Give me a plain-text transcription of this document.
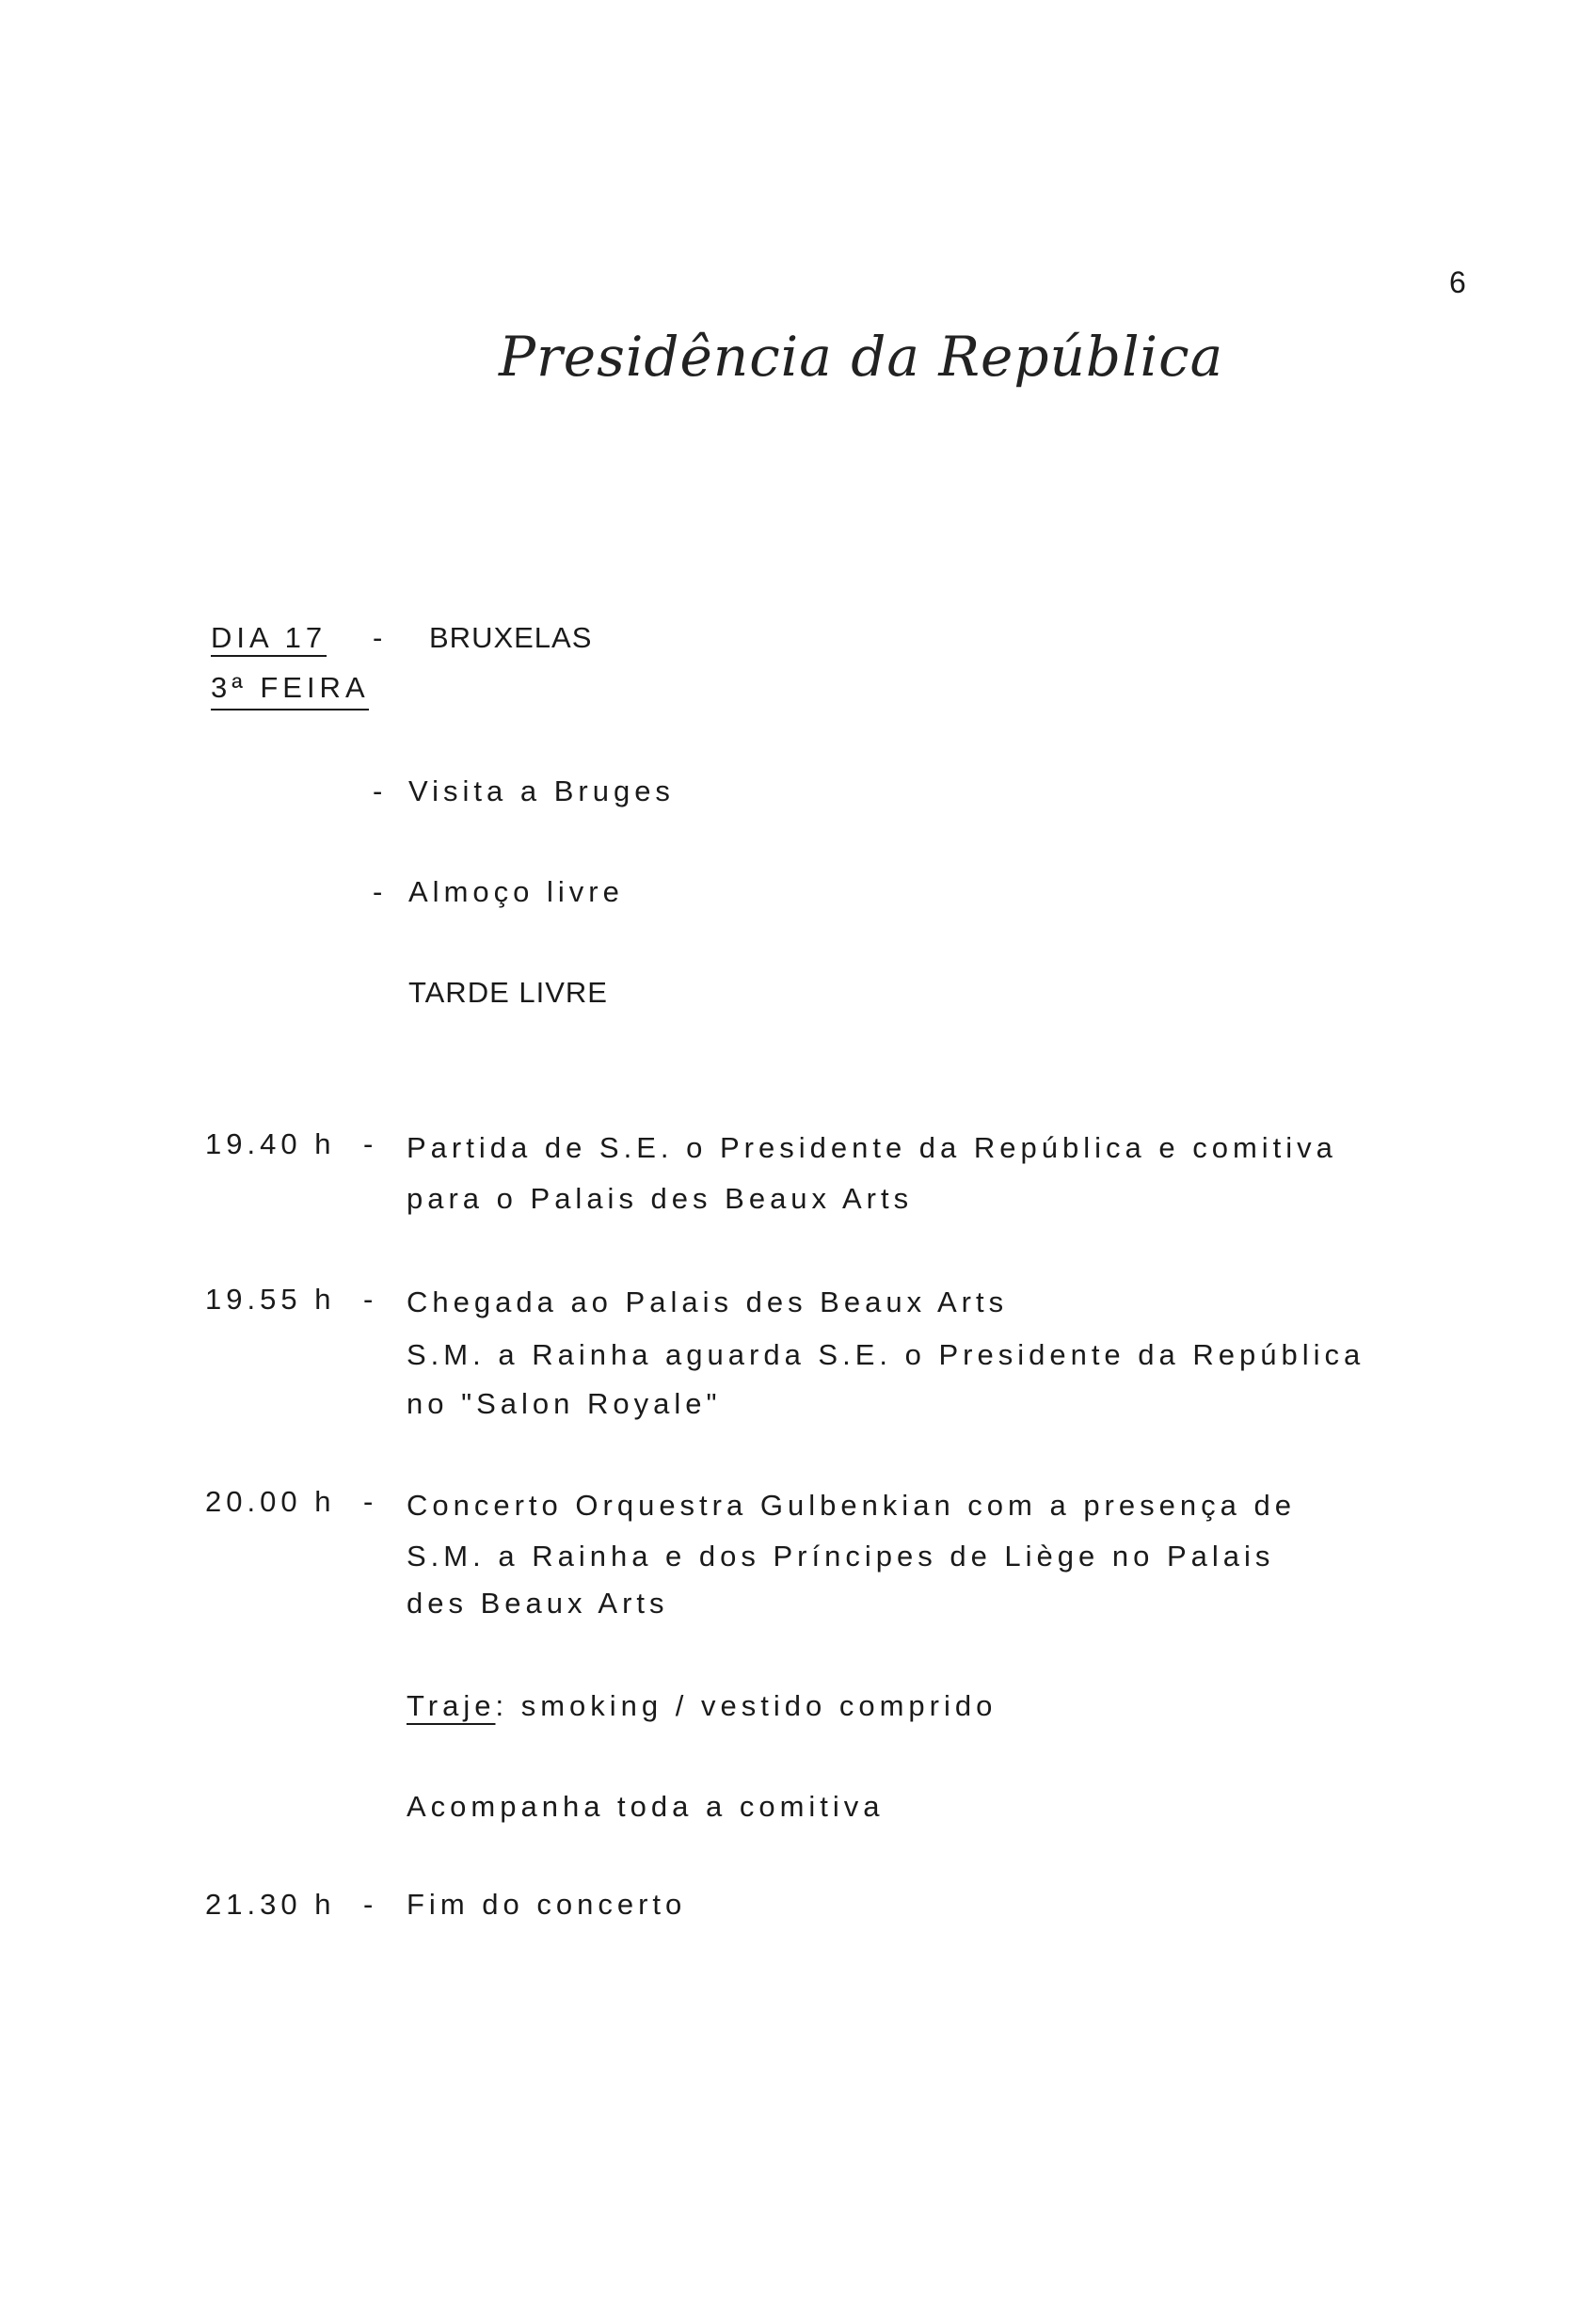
6
Presidência da República
DIA 17 - BRUXELAS
3ª FEIRA
- Visita a Bruges
- Almoço livre
TARDE LIVRE
19.40 h - Partida de S.E. o Presidente da República e comitiva
para o Palais des Beaux Arts
19.55 h - Chegada ao Palais des Beaux Arts
S.M. a Rainha aguarda S.E. o Presidente da República
no "Salon Royale"
20.00 h - Concerto Orquestra Gulbenkian com a presença de
S.M. a Rainha e dos Príncipes de Liège no Palais
des Beaux Arts
Traje: smoking / vestido comprido
Acompanha toda a comitiva
21.30 h - Fim do concerto
